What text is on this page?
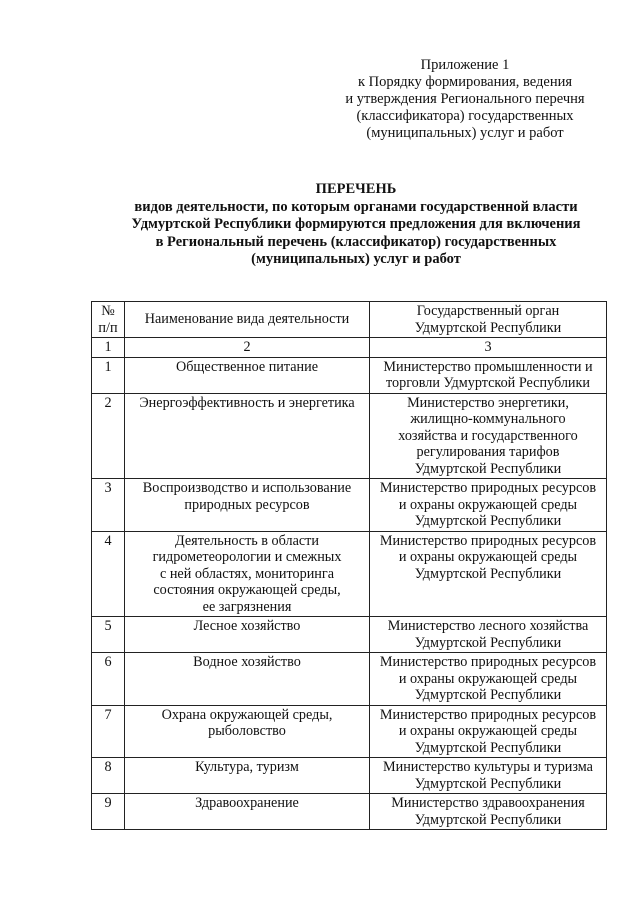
Приложение 1
к Порядку формирования, ведения
и утверждения Регионального перечня
(классификатора) государственных
(муниципальных) услуг и работ
ПЕРЕЧЕНЬ
видов деятельности, по которым органами государственной власти
Удмуртской Республики формируются предложения для включения
в Региональный перечень (классификатор) государственных
(муниципальных) услуг и работ
№
п/п	Наименование вида деятельности	Государственный орган
Удмуртской Республики

1	2	3
1	Общественное питание	Министерство промышленности и
торговли Удмуртской Республики

2	Энергоэффективность и энергетика	Министерство энергетики,
жилищно-коммунального
хозяйства и государственного
регулирования тарифов
Удмуртской Республики

3	Воспроизводство и использование
природных ресурсов	Министерство природных ресурсов
и охраны окружающей среды
Удмуртской Республики

4	Деятельность в области
гидрометеорологии и смежных
с ней областях, мониторинга
состояния окружающей среды,
ее загрязнения	Министерство природных ресурсов
и охраны окружающей среды
Удмуртской Республики

5	Лесное хозяйство	Министерство лесного хозяйства
Удмуртской Республики

6	Водное хозяйство	Министерство природных ресурсов
и охраны окружающей среды
Удмуртской Республики

7	Охрана окружающей среды,
рыболовство	Министерство природных ресурсов
и охраны окружающей среды
Удмуртской Республики

8	Культура, туризм	Министерство культуры и туризма
Удмуртской Республики

9	Здравоохранение	Министерство здравоохранения
Удмуртской Республики
